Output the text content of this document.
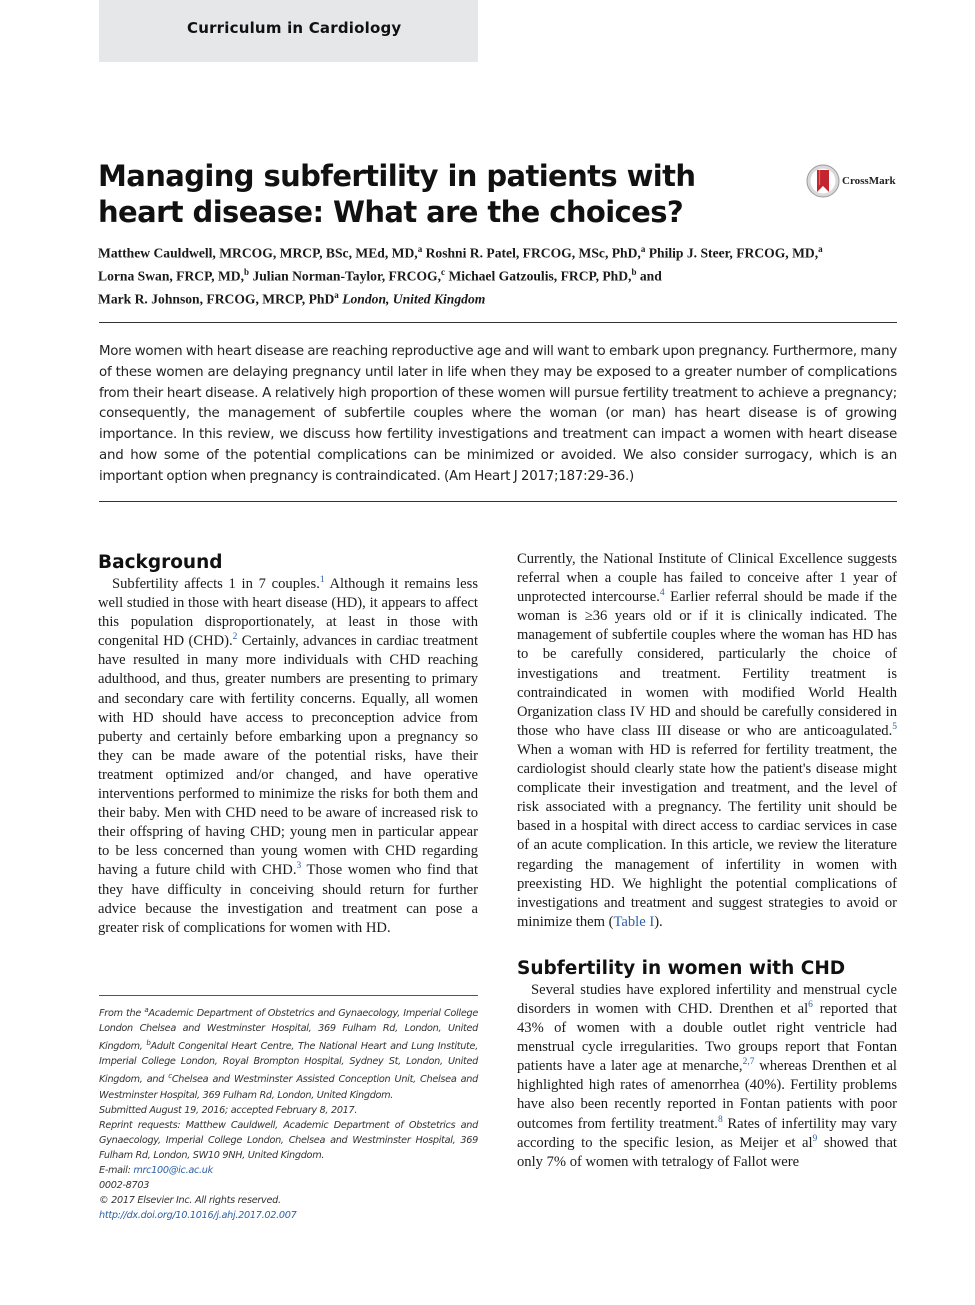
Curriculum in Cardiology
Managing subfertility in patients with heart disease: What are the choices?
CrossMark
Matthew Cauldwell, MRCOG, MRCP, BSc, MEd, MD,$^a$ Roshni R. Patel, FRCOG, MSc, PhD,$^a$ Philip J. Steer, FRCOG, MD,$^a$
Lorna Swan, FRCP, MD,$^b$ Julian Norman-Taylor, FRCOG,$^c$ Michael Gatzoulis, FRCP, PhD,$^b$ and
Mark R. Johnson, FRCOG, MRCP, PhD$^a$ London, United Kingdom

More women with heart disease are reaching reproductive age and will want to embark upon pregnancy. Furthermore, many of these women are delaying pregnancy until later in life when they may be exposed to a greater number of complications from their heart disease. A relatively high proportion of these women will pursue fertility treatment to achieve a pregnancy; consequently, the management of subfertile couples where the woman (or man) has heart disease is of growing importance. In this review, we discuss how fertility investigations and treatment can impact a women with heart disease and how some of the potential complications can be minimized or avoided. We also consider surrogacy, which is an important option when pregnancy is contraindicated. (Am Heart J 2017;187:29-36.)

Background

Subfertility affects 1 in 7 couples.$^1$ Although it remains less well studied in those with heart disease (HD), it appears to affect this population disproportionately, at least in those with congenital HD (CHD).$^2$ Certainly, advances in cardiac treatment have resulted in many more individuals with CHD reaching adulthood, and thus, greater numbers are presenting to primary and secondary care with fertility concerns. Equally, all women with HD should have access to preconception advice from puberty and certainly before embarking upon a pregnancy so they can be made aware of the potential risks, have their treatment optimized and/or changed, and have operative interventions performed to minimize the risks for both them and their baby. Men with CHD need to be aware of increased risk to their offspring of having CHD; young men in particular appear to be less concerned than young women with CHD regarding having a future child with CHD.$^3$ Those women who find that they have difficulty in conceiving should return for further advice because the investigation and treatment can pose a greater risk of complications for women with HD.

Currently, the National Institute of Clinical Excellence suggests referral when a couple has failed to conceive after 1 year of unprotected intercourse.$^4$ Earlier referral should be made if the woman is ≥36 years old or if it is clinically indicated. The management of subfertile couples where the woman has HD has to be carefully considered, particularly the choice of investigations and treatment. Fertility treatment is contraindicated in women with modified World Health Organization class IV HD and should be carefully considered in those who have class III disease or who are anticoagulated.$^5$ When a woman with HD is referred for fertility treatment, the cardiologist should clearly state how the patient's disease might complicate their investigation and treatment, and the level of risk associated with a pregnancy. The fertility unit should be based in a hospital with direct access to cardiac services in case of an acute complication. In this article, we review the literature regarding the management of infertility in women with preexisting HD. We highlight the potential complications of investigations and treatment and suggest strategies to avoid or minimize them (Table I).

Subfertility in women with CHD

Several studies have explored infertility and menstrual cycle disorders in women with CHD. Drenthen et al$^6$ reported that 43% of women with a double outlet right ventricle had menstrual cycle irregularities. Two groups report that Fontan patients have a later age at menarche,$^{2,7}$ whereas Drenthen et al highlighted high rates of amenorrhea (40%). Fertility problems have also been recently reported in Fontan patients with poor outcomes from fertility treatment.$^8$ Rates of infertility may vary according to the specific lesion, as Meijer et al$^9$ showed that only 7% of women with tetralogy of Fallot were

From the $^a$Academic Department of Obstetrics and Gynaecology, Imperial College London Chelsea and Westminster Hospital, 369 Fulham Rd, London, United Kingdom, $^b$Adult Congenital Heart Centre, The National Heart and Lung Institute, Imperial College London, Royal Brompton Hospital, Sydney St, London, United Kingdom, and $^c$Chelsea and Westminster Assisted Conception Unit, Chelsea and Westminster Hospital, 369 Fulham Rd, London, United Kingdom.

Submitted August 19, 2016; accepted February 8, 2017.

Reprint requests: Matthew Cauldwell, Academic Department of Obstetrics and Gynaecology, Imperial College London, Chelsea and Westminster Hospital, 369 Fulham Rd, London, SW10 9NH, United Kingdom.

E-mail: mrc100@ic.ac.uk

0002-8703

© 2017 Elsevier Inc. All rights reserved.

http://dx.doi.org/10.1016/j.ahj.2017.02.007
